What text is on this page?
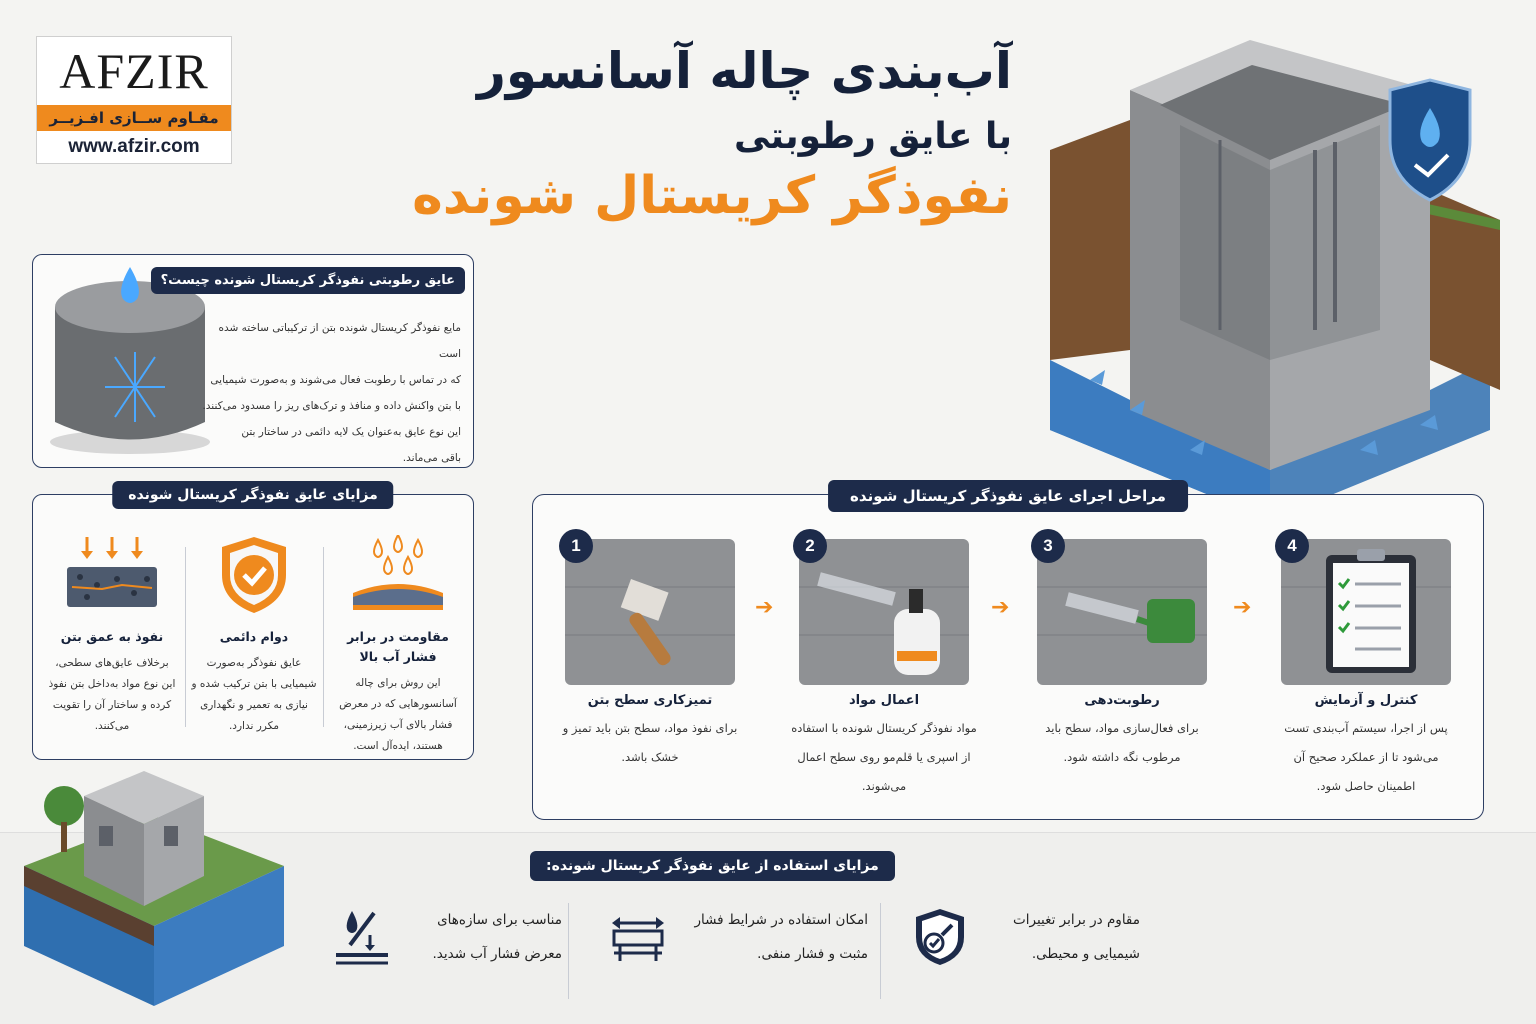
AFZIR
مقـاوم ســازی افـزیــر
www.afzir.com
آب‌بندی چاله آسانسور
با عایق رطوبتی
نفوذگر کریستال شونده
عایق رطوبتی نفوذگر کریستال شونده چیست؟
مایع نفوذگر کریستال شونده بتن از ترکیباتی ساخته شده است
که در تماس با رطوبت فعال می‌شوند و به‌صورت شیمیایی
با بتن واکنش داده و منافذ و ترک‌های ریز را مسدود می‌کنند.
این نوع عایق به‌عنوان یک لایه دائمی در ساختار بتن
باقی می‌ماند.
مزایای عایق نفوذگر کریستال شونده
مقاومت در برابر فشار آب بالا
این روش برای چاله آسانسورهایی که در معرض فشار بالای آب زیرزمینی، هستند، ایده‌آل است.
دوام دائمی
عایق نفوذگر به‌صورت شیمیایی با بتن ترکیب شده و نیازی به تعمیر و نگهداری مکرر ندارد.
نفوذ به عمق بتن
برخلاف عایق‌های سطحی، این نوع مواد به‌داخل بتن نفوذ کرده و ساختار آن را تقویت می‌کنند.
مراحل اجرای عایق نفوذگر کریستال شونده
1
تمیزکاری سطح بتن
برای نفوذ مواد، سطح بتن باید تمیز و خشک باشد.
➔
2
اعمال مواد
مواد نفوذگر کریستال شونده با استفاده از اسپری یا قلم‌مو روی سطح اعمال می‌شوند.
➔
3
رطوبت‌دهی
برای فعال‌سازی مواد، سطح باید مرطوب نگه داشته شود.
➔
4
کنترل و آزمایش
پس از اجرا، سیستم آب‌بندی تست می‌شود تا از عملکرد صحیح آن اطمینان حاصل شود.
مزایای استفاده از عایق نفوذگر کریستال شونده:
مقاوم در برابر تغییرات شیمیایی و محیطی.
امکان استفاده در شرایط فشار مثبت و فشار منفی.
مناسب برای سازه‌های معرض فشار آب شدید.
